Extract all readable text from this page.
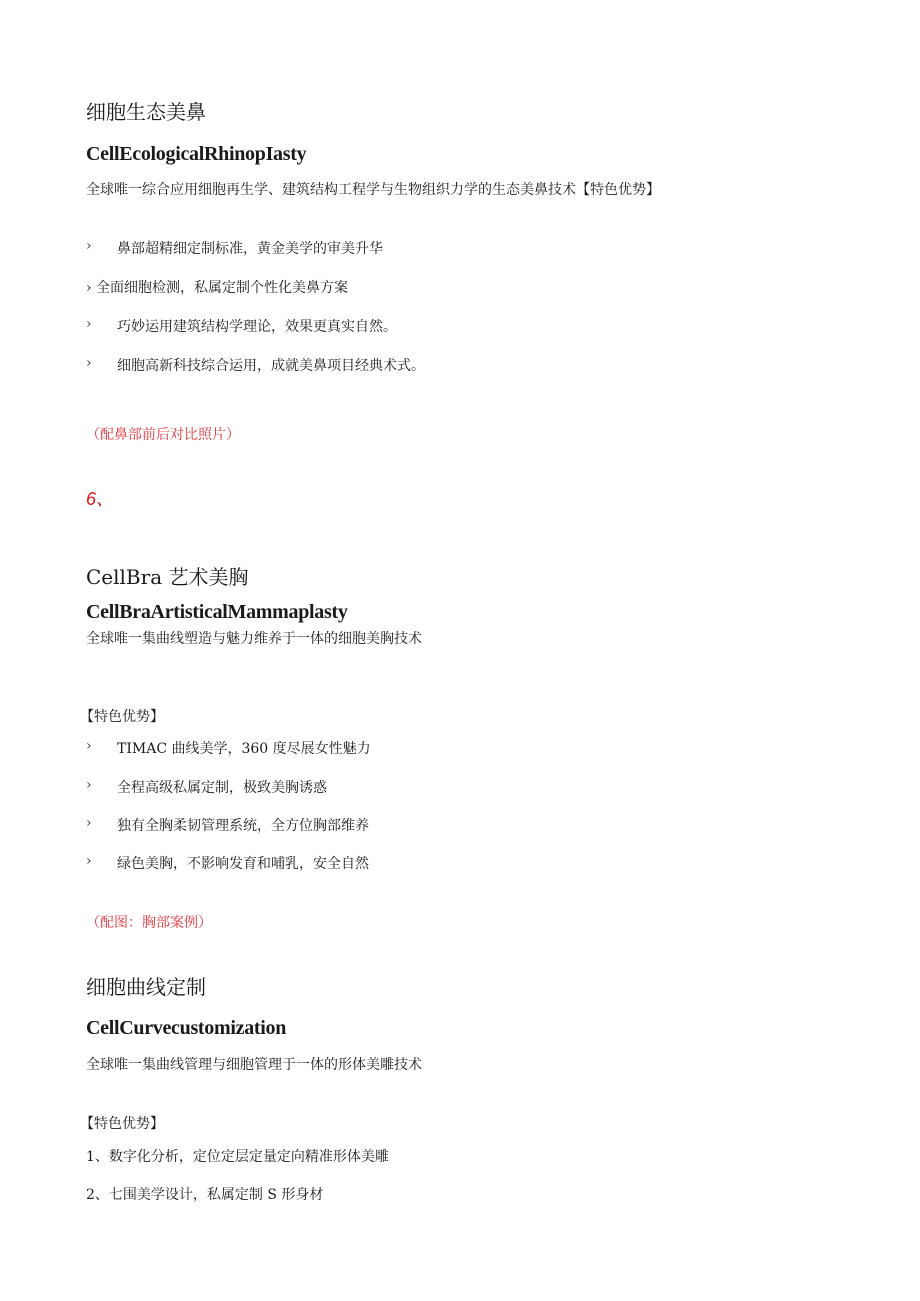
细胞生态美鼻
CellEcologicalRhinopIasty
全球唯一综合应用细胞再生学、建筑结构工程学与生物组织力学的生态美鼻技术【特色优势】
› 鼻部超精细定制标准，黄金美学的审美升华
› 全面细胞检测，私属定制个性化美鼻方案
› 巧妙运用建筑结构学理论，效果更真实自然。
› 细胞高新科技综合运用，成就美鼻项目经典术式。
（配鼻部前后对比照片）
6、
CellBra 艺术美胸
CellBraArtisticalMammaplasty
全球唯一集曲线塑造与魅力维养于一体的细胞美胸技术
【特色优势】
› TIMAC 曲线美学，360 度尽展女性魅力
› 全程高级私属定制，极致美胸诱惑
› 独有全胸柔韧管理系统，全方位胸部维养
› 绿色美胸，不影响发育和哺乳，安全自然
（配图：胸部案例）
细胞曲线定制
CellCurvecustomization
全球唯一集曲线管理与细胞管理于一体的形体美雕技术
【特色优势】
1、数字化分析，定位定层定量定向精准形体美雕
2、七围美学设计，私属定制 S 形身材
